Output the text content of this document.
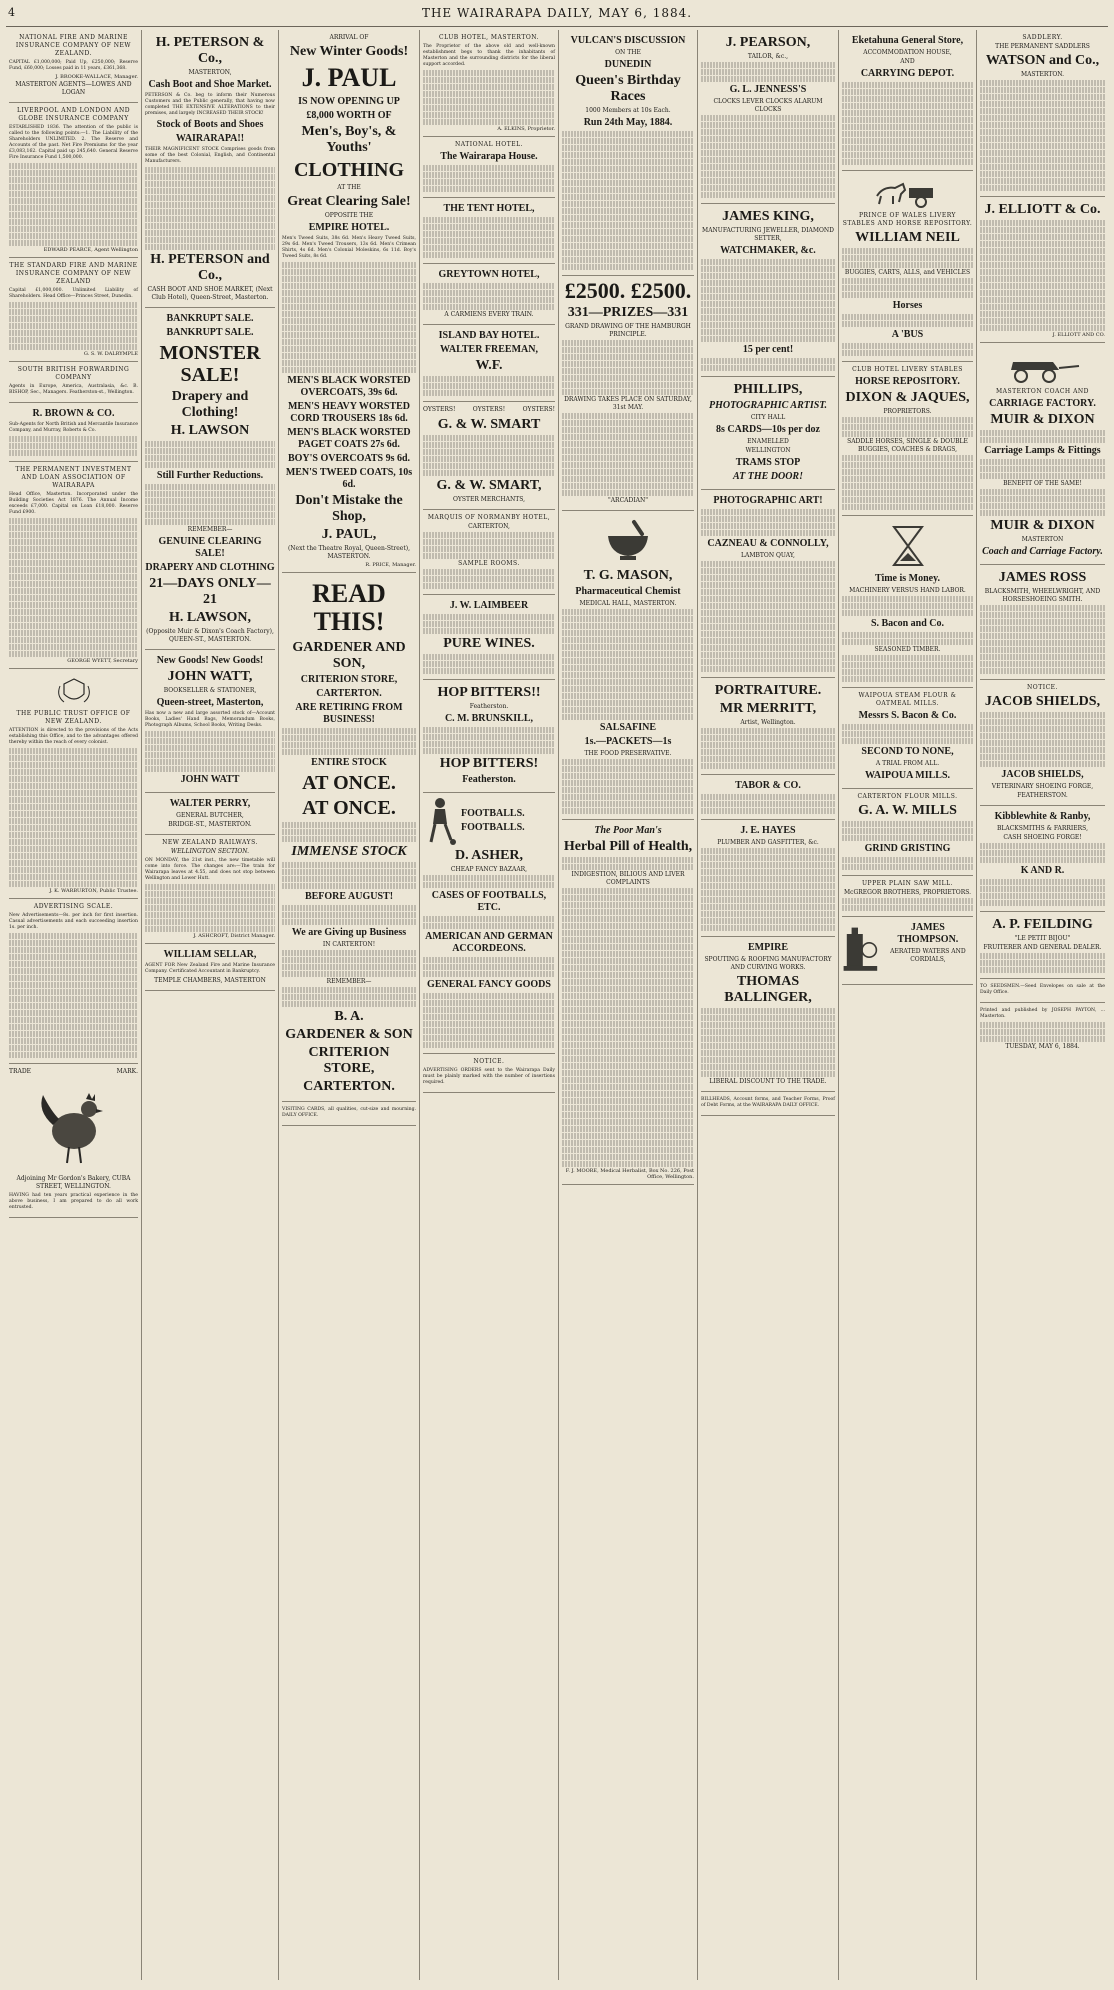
4	THE WAIRARAPA DAILY, MAY 6, 1884.
NATIONAL FIRE AND MARINE INSURANCE COMPANY OF NEW ZEALAND.
CAPITAL £1,000,000; Paid Up, £250,000; Reserve Fund, £60,000; Losses paid in 11 years, £361,368.
J. BROOKE-WALLACE, Manager.
MASTERTON AGENTS—LOWES AND LOGAN
LIVERPOOL AND LONDON AND GLOBE INSURANCE COMPANY
ESTABLISHED 1836. The attention of the public is called to the following points:—1. The Liability of the Shareholders UNLIMITED. 2. The Reserve and Accounts of the past. Net Fire Premiums for the year £3,083,162. Capital paid up 245,640. General Reserve Fire Insurance Fund 1,500,000.
EDWARD PEARCE, Agent Wellington
THE STANDARD FIRE AND MARINE INSURANCE COMPANY OF NEW ZEALAND
Capital £1,000,000. Unlimited Liability of Shareholders. Head Office—Princes Street, Dunedin.
G. S. W. DALRYMPLE
SOUTH BRITISH FORWARDING COMPANY
Agents in Europe, America, Australasia, &c. B. BISHOP, Sec., Managers. Featherston-st., Wellington.
R. BROWN & CO.
Sub-Agents for North British and Mercantile Insurance Company, and Murray, Roberts & Co.
THE PERMANENT INVESTMENT AND LOAN ASSOCIATION OF WAIRARAPA
Head Office, Masterton. Incorporated under the Building Societies Act 1876. The Annual Income exceeds £7,000. Capital on Loan £18,000. Reserve Fund £900.
GEORGE WYETT, Secretary
THE PUBLIC TRUST OFFICE OF NEW ZEALAND.
ATTENTION is directed to the provisions of the Acts establishing this Office, and to the advantages offered thereby within the reach of every colonist.
J. K. WARBURTON, Public Trustee.
ADVERTISING SCALE.
New Advertisements—8s. per inch for first insertion. Casual advertisements and each succeeding insertion 1s. per inch.
TRADE	MARK.
Adjoining Mr Gordon's Bakery, CUBA STREET, WELLINGTON.
HAVING had ten years practical experience in the above business, I am prepared to do all work entrusted.
H. PETERSON & Co.,
MASTERTON,
Cash Boot and Shoe Market.
PETERSON & Co. beg to inform their Numerous Customers and the Public generally, that having now completed THE EXTENSIVE ALTERATIONS to their premises, and largely INCREASED THEIR STOCK!
Stock of Boots and Shoes
WAIRARAPA!!
THEIR MAGNIFICENT STOCK Comprises goods from some of the best Colonial, English, and Continental Manufacturers.
H. PETERSON and Co.,
CASH BOOT AND SHOE MARKET, (Next Club Hotel), Queen-Street, Masterton.
BANKRUPT SALE.
BANKRUPT SALE.
MONSTER SALE!
Drapery and Clothing!
H. LAWSON
Still Further Reductions.
REMEMBER—
GENUINE CLEARING SALE!
DRAPERY AND CLOTHING
21—DAYS ONLY—21
H. LAWSON,
(Opposite Muir & Dixon's Coach Factory), QUEEN-ST., MASTERTON.
New Goods! New Goods!
JOHN WATT,
BOOKSELLER & STATIONER,
Queen-street, Masterton,
Has now a new and large assorted stock of—Account Books, Ladies' Hand Bags, Memorandum Books, Photograph Albums, School Books, Writing Desks.
JOHN WATT
WALTER PERRY,
GENERAL BUTCHER,
BRIDGE-ST., MASTERTON.
NEW ZEALAND RAILWAYS.
WELLINGTON SECTION.
ON MONDAY, the 21st inst., the new timetable will come into force. The changes are:—The train for Wairarapa leaves at 4.55, and does not stop between Wellington and Lower Hutt.
J. ASHCROFT, District Manager.
WILLIAM SELLAR,
AGENT FOR New Zealand Fire and Marine Insurance Company. Certificated Accountant in Bankruptcy.
TEMPLE CHAMBERS, MASTERTON
ARRIVAL OF
New Winter Goods!
J. PAUL
IS NOW OPENING UP
£8,000 WORTH OF
Men's, Boy's, & Youths'
CLOTHING
AT THE
Great Clearing Sale!
OPPOSITE THE
EMPIRE HOTEL.
Men's Tweed Suits, 38s 6d. Men's Heavy Tweed Suits, 29s 6d. Men's Tweed Trousers, 13s 6d. Men's Crimean Shirts, 4s 6d. Men's Colonial Moleskins, 6s 11d. Boy's Tweed Suits, 8s 6d.
MEN'S BLACK WORSTED OVERCOATS, 39s 6d.
MEN'S HEAVY WORSTED CORD TROUSERS 18s 6d.
MEN'S BLACK WORSTED PAGET COATS 27s 6d.
BOY'S OVERCOATS 9s 6d.
MEN'S TWEED COATS, 10s 6d.
Don't Mistake the Shop,
J. PAUL,
(Next the Theatre Royal, Queen-Street), MASTERTON.
R. PRICE, Manager.
READ THIS!
GARDENER AND SON,
CRITERION STORE,
CARTERTON.
ARE RETIRING FROM BUSINESS!
ENTIRE STOCK
AT ONCE.
AT ONCE.
IMMENSE STOCK
BEFORE AUGUST!
We are Giving up Business
IN CARTERTON!
REMEMBER—
B. A.
GARDENER & SON
CRITERION STORE,
CARTERTON.
VISITING CARDS, all qualities, cut-size and mourning. DAILY OFFICE.
CLUB HOTEL, MASTERTON.
The Proprietor of the above old and well-known establishment begs to thank the inhabitants of Masterton and the surrounding districts for the liberal support accorded.
A. ELKINS, Proprietor.
NATIONAL HOTEL.
The Wairarapa House.
THE TENT HOTEL,
GREYTOWN HOTEL,
A CARMIENS EVERY TRAIN.
ISLAND BAY HOTEL.
WALTER FREEMAN,
W.F.
OYSTERS!	OYSTERS!	OYSTERS!
G. & W. SMART
G. & W. SMART,
OYSTER MERCHANTS,
MARQUIS OF NORMANBY HOTEL,
CARTERTON,
SAMPLE ROOMS.
J. W. LAIMBEER
PURE WINES.
HOP BITTERS!!
Featherston.
C. M. BRUNSKILL,
HOP BITTERS!
Featherston.
FOOTBALLS.
FOOTBALLS.
D. ASHER,
CHEAP FANCY BAZAAR,
CASES OF FOOTBALLS, ETC.
AMERICAN AND GERMAN ACCORDEONS.
GENERAL FANCY GOODS
NOTICE.
ADVERTISING ORDERS sent to the Wairarapa Daily must be plainly marked with the number of insertions required.
VULCAN'S DISCUSSION
ON THE
DUNEDIN
Queen's Birthday Races
1000 Members at 10s Each.
Run 24th May, 1884.
£2500. £2500.
331—PRIZES—331
GRAND DRAWING OF THE HAMBURGH PRINCIPLE.
DRAWING TAKES PLACE ON SATURDAY, 31st MAY.
"ARCADIAN"
T. G. MASON,
Pharmaceutical Chemist
MEDICAL HALL, MASTERTON.
SALSAFINE
1s.—PACKETS—1s
THE FOOD PRESERVATIVE.
The Poor Man's
Herbal Pill of Health,
INDIGESTION, BILIOUS AND LIVER COMPLAINTS
F. J. MOORE, Medical Herbalist, Box No. 226, Post Office, Wellington.
J. PEARSON,
TAILOR, &c.,
G. L. JENNESS'S
CLOCKS LEVER CLOCKS ALARUM CLOCKS
JAMES KING,
MANUFACTURING JEWELLER, DIAMOND SETTER,
WATCHMAKER, &c.
15 per cent!
PHILLIPS,
PHOTOGRAPHIC ARTIST.
CITY HALL
8s CARDS—10s per doz
ENAMELLED
WELLINGTON
TRAMS STOP
AT THE DOOR!
PHOTOGRAPHIC ART!
CAZNEAU & CONNOLLY,
LAMBTON QUAY,
PORTRAITURE.
MR MERRITT,
Artist, Wellington.
TABOR & CO.
J. E. HAYES
PLUMBER AND GASFITTER, &c.
EMPIRE
SPOUTING & ROOFING MANUFACTORY AND CURVING WORKS.
THOMAS BALLINGER,
LIBERAL DISCOUNT TO THE TRADE.
BILLHEADS, Account forms, and Teacher Forms, Proof of Debt Forms, at the WAIRARAPA DAILY OFFICE.
Eketahuna General Store,
ACCOMMODATION HOUSE,
AND
CARRYING DEPOT.
PRINCE OF WALES LIVERY STABLES AND HORSE REPOSITORY.
WILLIAM NEIL
BUGGIES, CARTS, ALLS, and VEHICLES
Horses
A 'BUS
CLUB HOTEL LIVERY STABLES
HORSE REPOSITORY.
DIXON & JAQUES,
PROPRIETORS.
SADDLE HORSES, SINGLE & DOUBLE BUGGIES, COACHES & DRAGS,
Time is Money.
MACHINERY VERSUS HAND LABOR.
S. Bacon and Co.
SEASONED TIMBER.
WAIPOUA STEAM FLOUR & OATMEAL MILLS.
Messrs S. Bacon & Co.
SECOND TO NONE,
A TRIAL FROM ALL.
WAIPOUA MILLS.
CARTERTON FLOUR MILLS.
G. A. W. MILLS
GRIND GRISTING
UPPER PLAIN SAW MILL.
McGREGOR BROTHERS, PROPRIETORS.
JAMES THOMPSON.
AERATED WATERS AND CORDIALS,
SADDLERY.
THE PERMANENT SADDLERS
WATSON and Co.,
MASTERTON.
J. ELLIOTT & Co.
J. ELLIOTT AND CO.
MASTERTON COACH AND
CARRIAGE FACTORY.
MUIR & DIXON
Carriage Lamps & Fittings
BENEFIT OF THE SAME!
MUIR & DIXON
MASTERTON
Coach and Carriage Factory.
JAMES ROSS
BLACKSMITH, WHEELWRIGHT, AND HORSESHOEING SMITH.
NOTICE.
JACOB SHIELDS,
JACOB SHIELDS,
VETERINARY SHOEING FORGE,
FEATHERSTON.
Kibblewhite & Ranby,
BLACKSMITHS & FARRIERS,
CASH SHOEING FORGE!
K AND R.
A. P. FEILDING
"LE PETIT BIJOU"
FRUITERER AND GENERAL DEALER.
TO SEEDSMEN.—Seed Envelopes on sale at the Daily Office.
Printed and published by JOSEPH PAYTON, ... Masterton.
TUESDAY, MAY 6, 1884.
